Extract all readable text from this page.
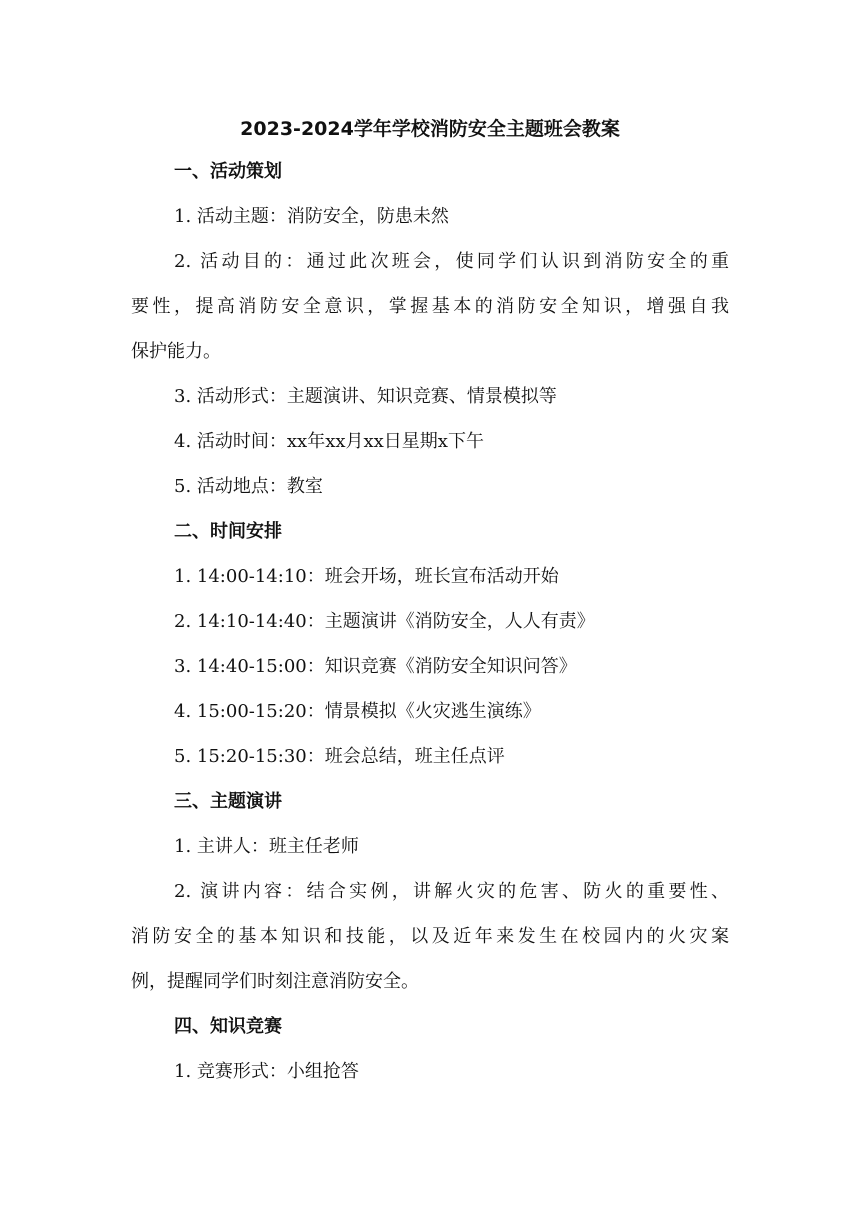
2023-2024学年学校消防安全主题班会教案
一、活动策划
1. 活动主题：消防安全，防患未然
2. 活动目的：通过此次班会，使同学们认识到消防安全的重
要性，提高消防安全意识，掌握基本的消防安全知识，增强自我
保护能力。
3. 活动形式：主题演讲、知识竞赛、情景模拟等
4. 活动时间：xx年xx月xx日星期x下午
5. 活动地点：教室
二、时间安排
1. 14:00-14:10：班会开场，班长宣布活动开始
2. 14:10-14:40：主题演讲《消防安全，人人有责》
3. 14:40-15:00：知识竞赛《消防安全知识问答》
4. 15:00-15:20：情景模拟《火灾逃生演练》
5. 15:20-15:30：班会总结，班主任点评
三、主题演讲
1. 主讲人：班主任老师
2. 演讲内容：结合实例，讲解火灾的危害、防火的重要性、
消防安全的基本知识和技能，以及近年来发生在校园内的火灾案
例，提醒同学们时刻注意消防安全。
四、知识竞赛
1. 竞赛形式：小组抢答
